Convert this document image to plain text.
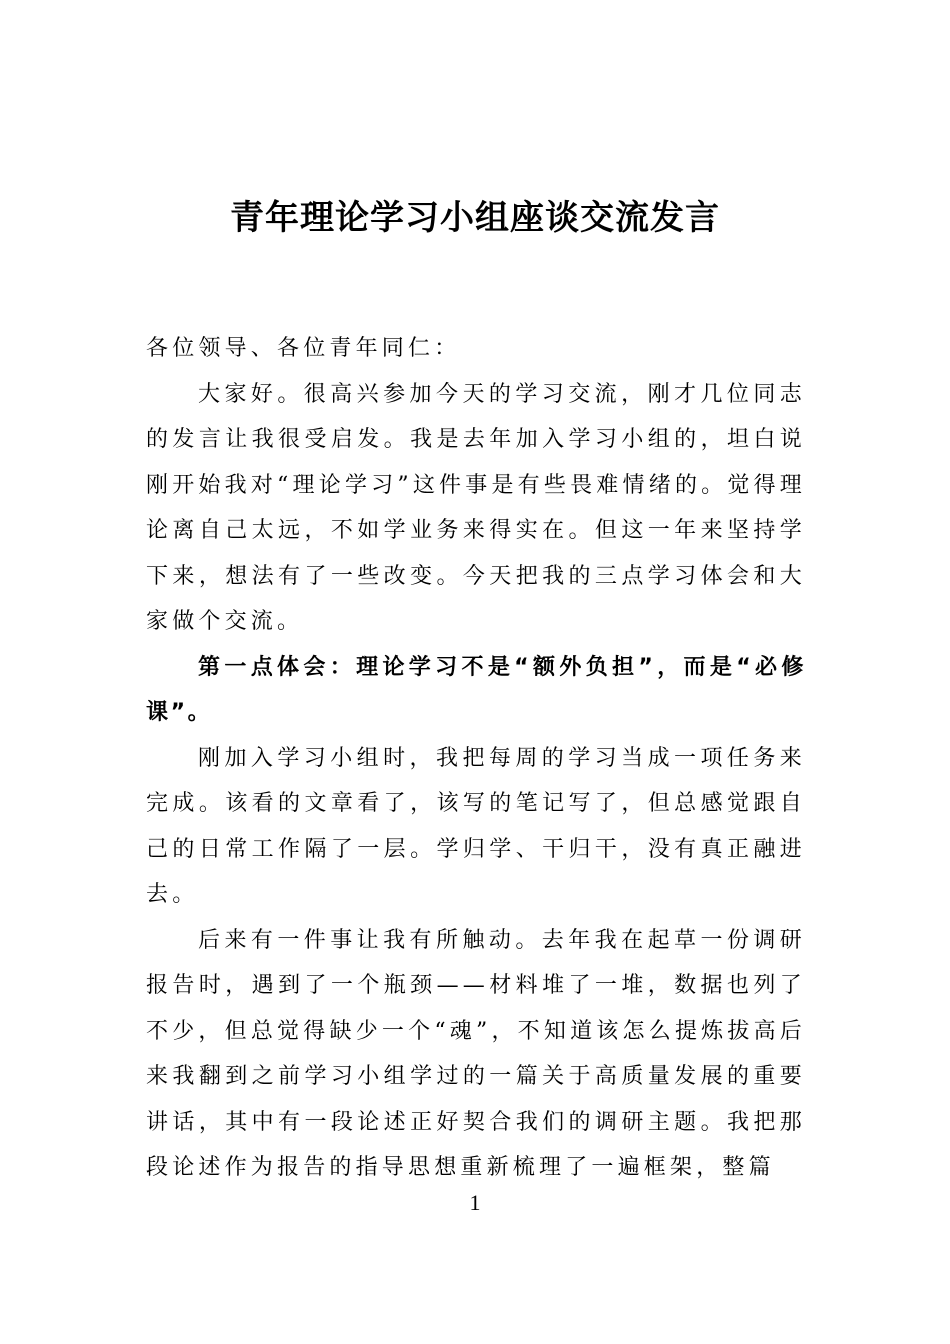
青年理论学习小组座谈交流发言

各位领导、各位青年同仁：

大家好。很高兴参加今天的学习交流，刚才几位同志的发言让我很受启发。我是去年加入学习小组的，坦白说刚开始我对“理论学习”这件事是有些畏难情绪的。觉得理论离自己太远，不如学业务来得实在。但这一年来坚持学下来，想法有了一些改变。今天把我的三点学习体会和大家做个交流。

第一点体会：理论学习不是“额外负担”，而是“必修课”。

刚加入学习小组时，我把每周的学习当成一项任务来完成。该看的文章看了，该写的笔记写了，但总感觉跟自己的日常工作隔了一层。学归学、干归干，没有真正融进去。

后来有一件事让我有所触动。去年我在起草一份调研报告时，遇到了一个瓶颈——材料堆了一堆，数据也列了不少，但总觉得缺少一个“魂”，不知道该怎么提炼拔高后来我翻到之前学习小组学过的一篇关于高质量发展的重要讲话，其中有一段论述正好契合我们的调研主题。我把那段论述作为报告的指导思想重新梳理了一遍框架，整篇

1
